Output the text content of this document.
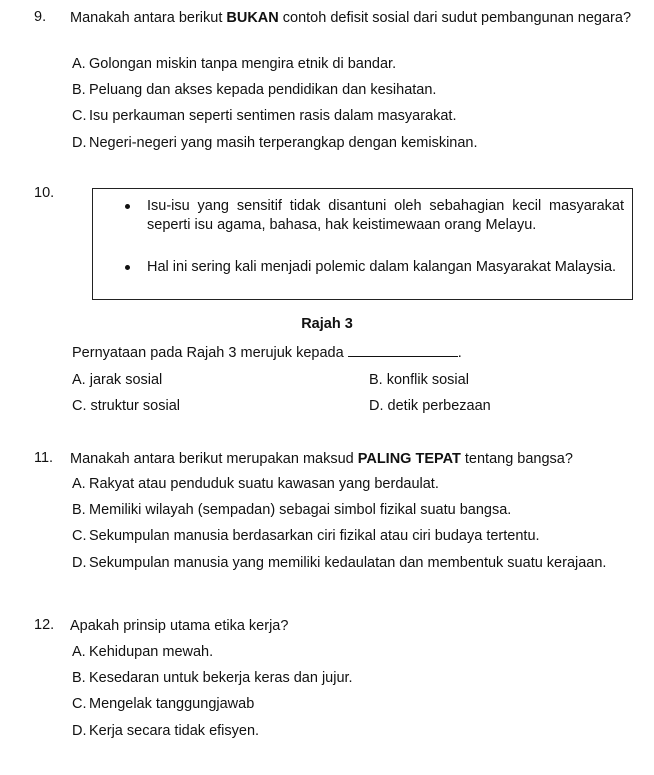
9. Manakah antara berikut BUKAN contoh defisit sosial dari sudut pembangunan negara?
A. Golongan miskin tanpa mengira etnik di bandar.
B. Peluang dan akses kepada pendidikan dan kesihatan.
C. Isu perkauman seperti sentimen rasis dalam masyarakat.
D. Negeri-negeri yang masih terperangkap dengan kemiskinan.
10.
Isu-isu yang sensitif tidak disantuni oleh sebahagian kecil masyarakat seperti isu agama, bahasa, hak keistimewaan orang Melayu.
Hal ini sering kali menjadi polemic dalam kalangan Masyarakat Malaysia.
Rajah 3
Pernyataan pada Rajah 3 merujuk kepada	.
A. jarak sosial	B. konflik sosial
C. struktur sosial	D. detik perbezaan
11. Manakah antara berikut merupakan maksud PALING TEPAT tentang bangsa?
A. Rakyat atau penduduk suatu kawasan yang berdaulat.
B. Memiliki wilayah (sempadan) sebagai simbol fizikal suatu bangsa.
C. Sekumpulan manusia berdasarkan ciri fizikal atau ciri budaya tertentu.
D. Sekumpulan manusia yang memiliki kedaulatan dan membentuk suatu kerajaan.
12. Apakah prinsip utama etika kerja?
A. Kehidupan mewah.
B. Kesedaran untuk bekerja keras dan jujur.
C. Mengelak tanggungjawab
D. Kerja secara tidak efisyen.
